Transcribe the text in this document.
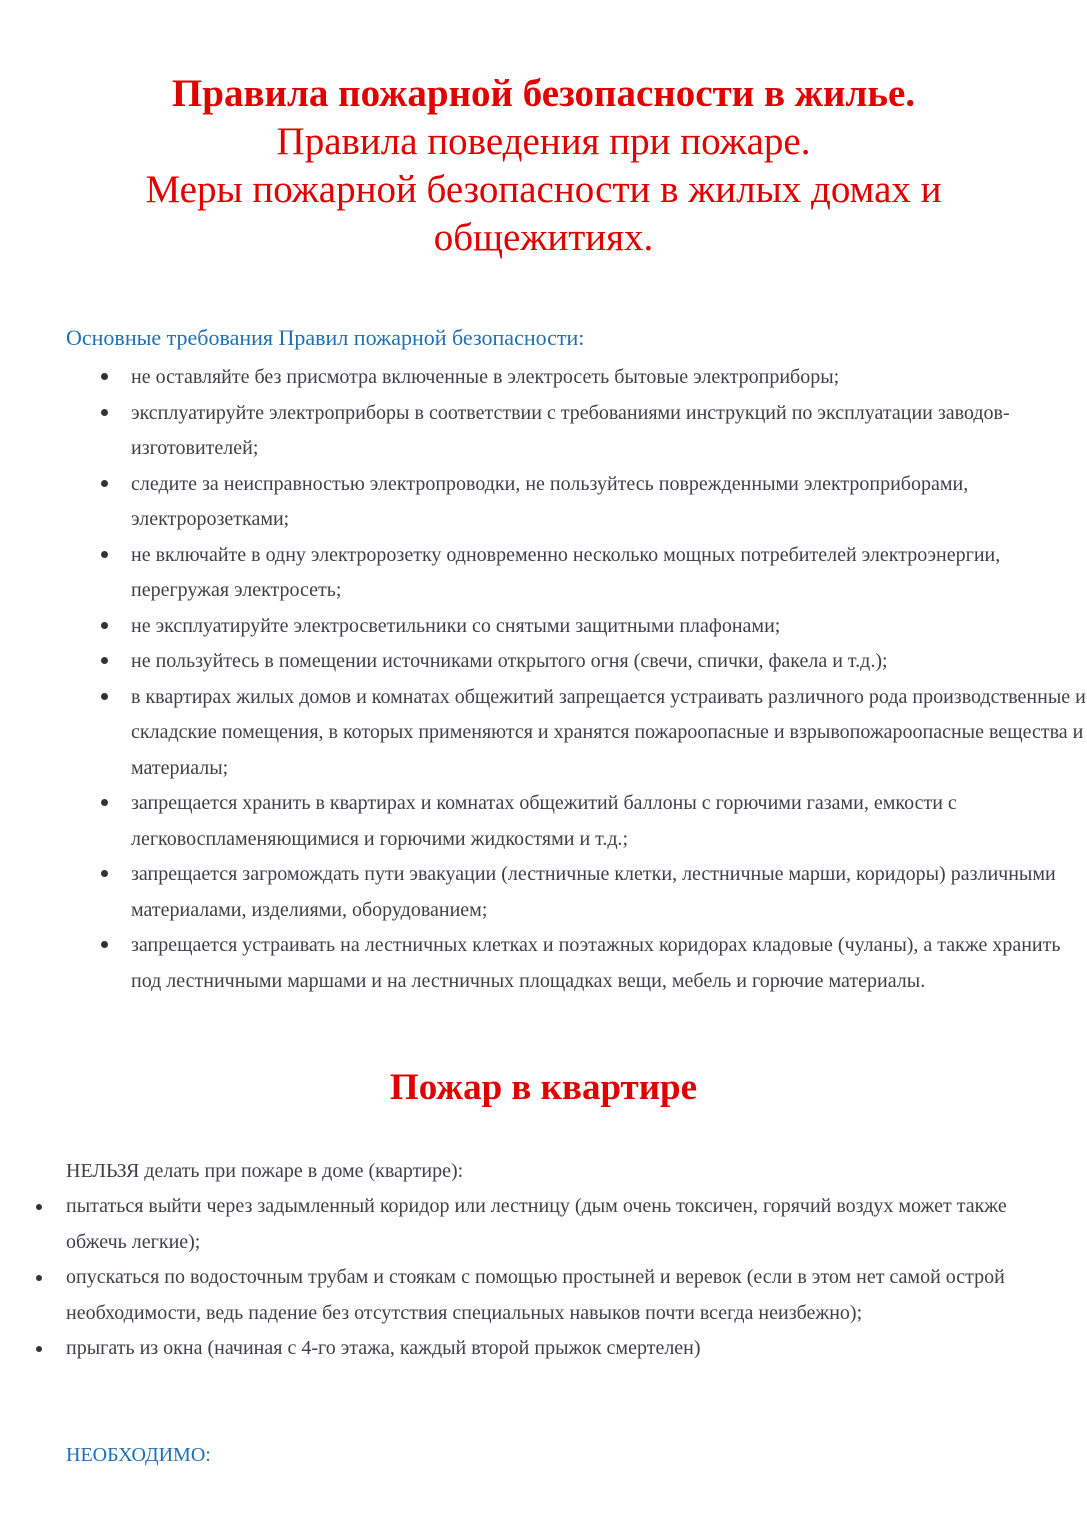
Правила пожарной безопасности в жилье.
Правила поведения при пожаре.
Меры пожарной безопасности в жилых домах и
общежитиях.
Основные требования Правил пожарной безопасности:
не оставляйте без присмотра включенные в электросеть бытовые электроприборы;
эксплуатируйте электроприборы в соответствии с требованиями инструкций по эксплуатации заводов-изготовителей;
следите за неисправностью электропроводки, не пользуйтесь поврежденными электроприборами, электророзетками;
не включайте в одну электророзетку одновременно несколько мощных потребителей электроэнергии, перегружая электросеть;
не эксплуатируйте электросветильники со снятыми защитными плафонами;
не пользуйтесь в помещении источниками открытого огня (свечи, спички, факела и т.д.);
в квартирах жилых домов и комнатах общежитий запрещается устраивать различного рода производственные и складские помещения, в которых применяются и хранятся пожароопасные и взрывопожароопасные вещества и материалы;
запрещается хранить в квартирах и комнатах общежитий баллоны с горючими газами, емкости с легковоспламеняющимися и горючими жидкостями и т.д.;
запрещается загромождать пути эвакуации (лестничные клетки, лестничные марши, коридоры) различными материалами, изделиями, оборудованием;
запрещается устраивать на лестничных клетках и поэтажных коридорах кладовые (чуланы), а также хранить под лестничными маршами и на лестничных площадках вещи, мебель и горючие материалы.
Пожар в квартире
НЕЛЬЗЯ делать при пожаре в доме (квартире):
пытаться выйти через задымленный коридор или лестницу (дым очень токсичен, горячий воздух может также обжечь легкие);
опускаться по водосточным трубам и стоякам с помощью простыней и веревок (если в этом нет самой острой необходимости, ведь падение без отсутствия специальных навыков почти всегда неизбежно);
прыгать из окна (начиная с 4-го этажа, каждый второй прыжок смертелен)
НЕОБХОДИМО:
